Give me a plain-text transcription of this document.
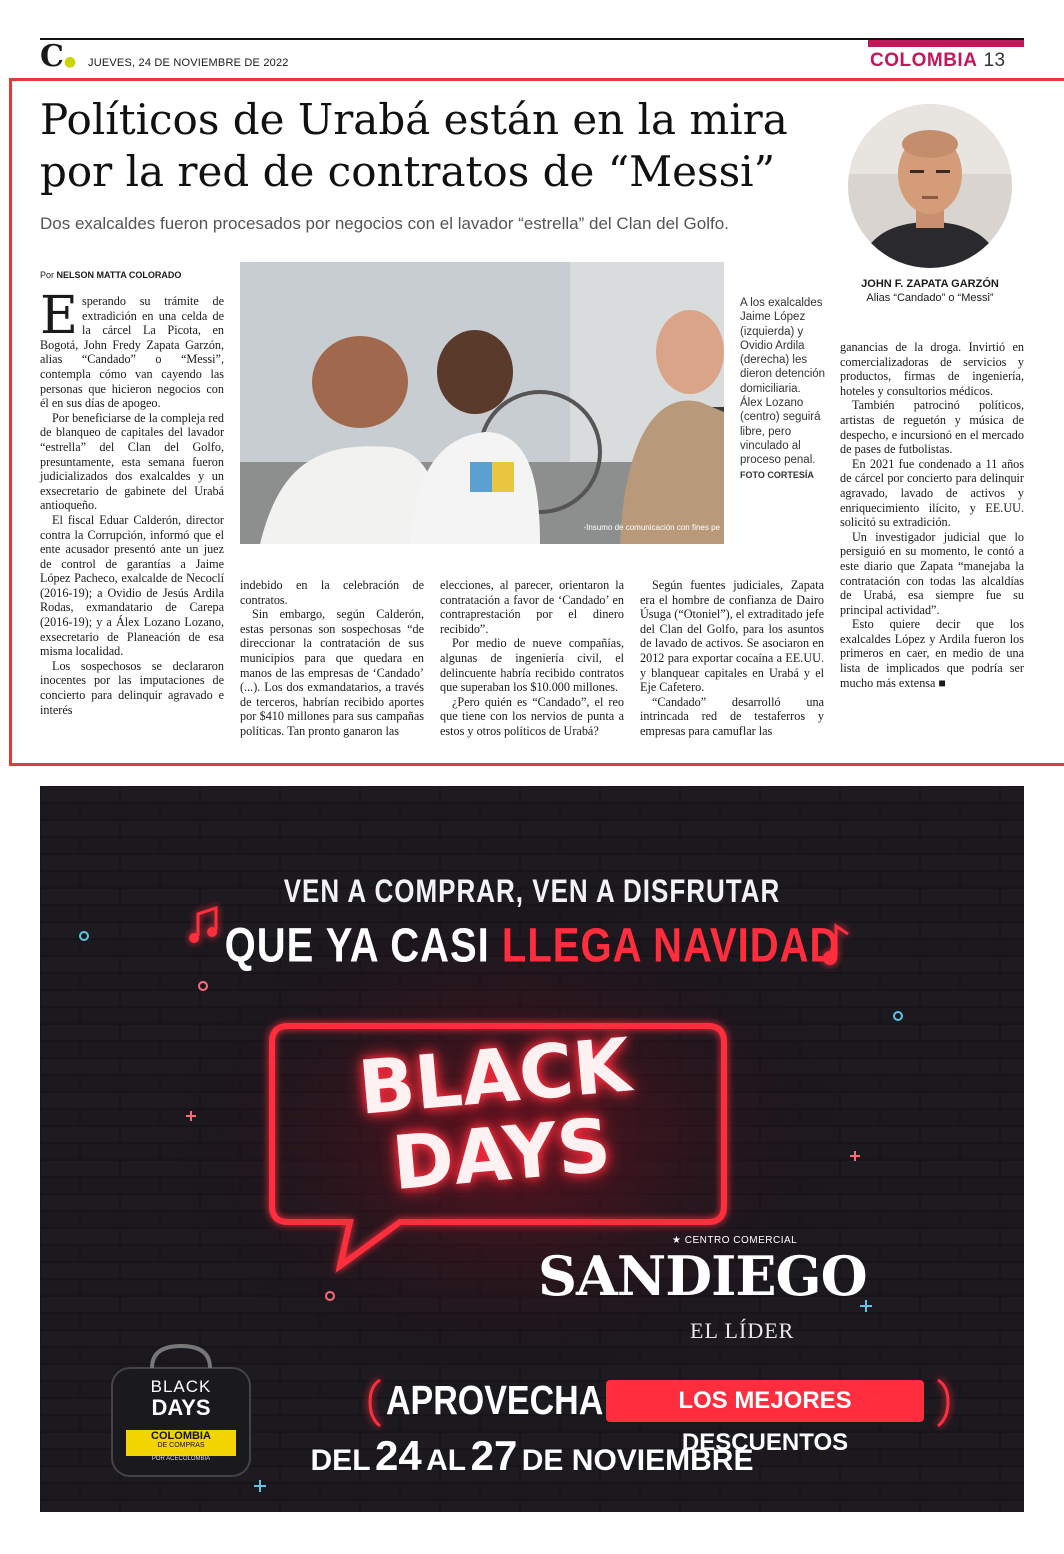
C● JUEVES, 24 DE NOVIEMBRE DE 2022	COLOMBIA 13
Políticos de Urabá están en la mira
por la red de contratos de “Messi”
Dos exalcaldes fueron procesados por negocios con el lavador “estrella” del Clan del Golfo.
JOHN F. ZAPATA GARZÓN
Alias “Candado” o “Messi”
Por NELSON MATTA COLORADO

Esperando su trámite de extradición en una celda de la cárcel La Picota, en Bogotá, John Fredy Zapata Garzón, alias “Candado” o “Messi”, contempla cómo van cayendo las personas que hicieron negocios con él en sus días de apogeo.

Por beneficiarse de la compleja red de blanqueo de capitales del lavador “estrella” del Clan del Golfo, presuntamente, esta semana fueron judicializados dos exalcaldes y un exsecretario de gabinete del Urabá antioqueño.

El fiscal Eduar Calderón, director contra la Corrupción, informó que el ente acusador presentó ante un juez de control de garantías a Jaime López Pacheco, exalcalde de Necoclí (2016-19); a Ovidio de Jesús Ardila Rodas, exmandatario de Carepa (2016-19); y a Álex Lozano Lozano, exsecretario de Planeación de esa misma localidad.

Los sospechosos se declararon inocentes por las imputaciones de concierto para delinquir agravado e interés

-Insumo de comunicación con fines pe
A los exalcaldes Jaime López (izquierda) y Ovidio Ardila (derecha) les dieron detención domiciliaria. Álex Lozano (centro) seguirá libre, pero vinculado al proceso penal. FOTO CORTESÍA

indebido en la celebración de contratos.

Sin embargo, según Calderón, estas personas son sospechosas “de direccionar la contratación de sus municipios para que quedara en manos de las empresas de ‘Candado’ (...). Los dos exmandatarios, a través de terceros, habrían recibido aportes por $410 millones para sus campañas políticas. Tan pronto ganaron las

elecciones, al parecer, orientaron la contratación a favor de ‘Candado’ en contraprestación por el dinero recibido”.

Por medio de nueve compañías, algunas de ingeniería civil, el delincuente habría recibido contratos que superaban los $10.000 millones.

¿Pero quién es “Candado”, el reo que tiene con los nervios de punta a estos y otros políticos de Urabá?

Según fuentes judiciales, Zapata era el hombre de confianza de Dairo Úsuga (“Otoniel”), el extraditado jefe del Clan del Golfo, para los asuntos de lavado de activos. Se asociaron en 2012 para exportar cocaína a EE.UU. y blanquear capitales en Urabá y el Eje Cafetero.

“Candado” desarrolló una intrincada red de testaferros y empresas para camuflar las

ganancias de la droga. Invirtió en comercializadoras de servicios y productos, firmas de ingeniería, hoteles y consultorios médicos.

También patrocinó políticos, artistas de reguetón y música de despecho, e incursionó en el mercado de pases de futbolistas.

En 2021 fue condenado a 11 años de cárcel por concierto para delinquir agravado, lavado de activos y enriquecimiento ilícito, y EE.UU. solicitó su extradición.

Un investigador judicial que lo persiguió en su momento, le contó a este diario que Zapata “manejaba la contratación con todas las alcaldías de Urabá, esa siempre fue su principal actividad”.

Esto quiere decir que los exalcaldes López y Ardila fueron los primeros en caer, en medio de una lista de implicados que podría ser mucho más extensa ■

VEN A COMPRAR, VEN A DISFRUTAR
QUE YA CASI LLEGA NAVIDAD
BLACK
DAYS
★ CENTRO COMERCIAL
SANDIEGO
EL LÍDER
APROVECHA	LOS MEJORES DESCUENTOS
DEL 24 AL 27 DE NOVIEMBRE
BLACK
DAYS
COLOMBIA
DE COMPRAS
POR ACECOLOMBIA
